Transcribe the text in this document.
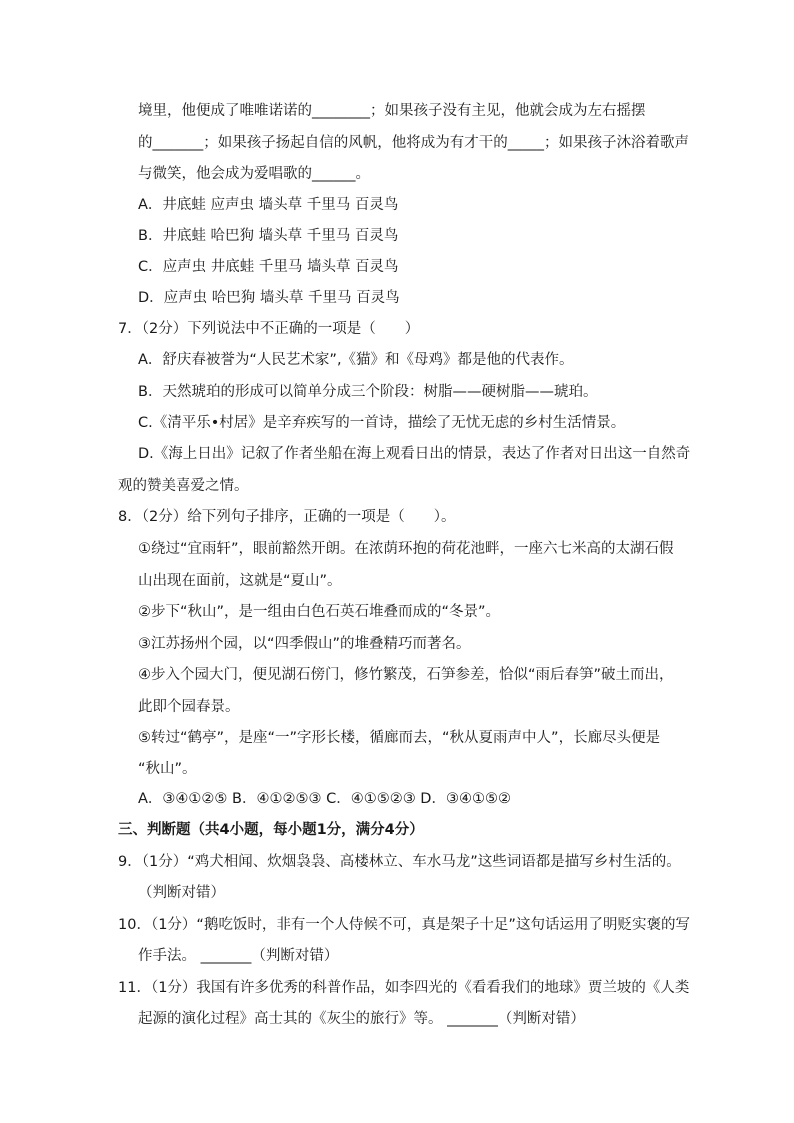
境里，他便成了唯唯诺诺的________；如果孩子没有主见，他就会成为左右摇摆
的_______；如果孩子扬起自信的风帆，他将成为有才干的_____；如果孩子沐浴着歌声
与微笑，他会成为爱唱歌的______。
A．井底蛙 应声虫 墙头草 千里马 百灵鸟
B．井底蛙 哈巴狗 墙头草 千里马 百灵鸟
C．应声虫 井底蛙 千里马 墙头草 百灵鸟
D．应声虫 哈巴狗 墙头草 千里马 百灵鸟
7．（2分）下列说法中不正确的一项是（　　）
A．舒庆春被誉为“人民艺术家”,《猫》和《母鸡》都是他的代表作。
B．天然琥珀的形成可以简单分成三个阶段：树脂——硬树脂——琥珀。
C.《清平乐•村居》是辛弃疾写的一首诗，描绘了无忧无虑的乡村生活情景。
D.《海上日出》记叙了作者坐船在海上观看日出的情景，表达了作者对日出这一自然奇
观的赞美喜爱之情。
8．（2分）给下列句子排序，正确的一项是（　　）。
①绕过“宜雨轩”，眼前豁然开朗。在浓荫环抱的荷花池畔，一座六七米高的太湖石假
山出现在面前，这就是“夏山”。
②步下“秋山”，是一组由白色石英石堆叠而成的“冬景”。
③江苏扬州个园，以“四季假山”的堆叠精巧而著名。
④步入个园大门，便见湖石傍门，修竹繁茂，石笋参差，恰似“雨后春笋”破土而出，
此即个园春景。
⑤转过“鹤亭”，是座“一”字形长楼，循廊而去，“秋从夏雨声中人”，长廊尽头便是
“秋山”。
A．③④①②⑤ B．④①②⑤③ C．④①⑤②③ D．③④①⑤②
三、判断题（共4小题，每小题1分，满分4分）
9．（1分）“鸡犬相闻、炊烟袅袅、高楼林立、车水马龙”这些词语都是描写乡村生活的。
（判断对错）
10．（1分）“鹅吃饭时，非有一个人侍候不可，真是架子十足”这句话运用了明贬实褒的写
作手法。 _______（判断对错）
11．（1分）我国有许多优秀的科普作品，如李四光的《看看我们的地球》贾兰坡的《人类
起源的演化过程》高士其的《灰尘的旅行》等。 _______（判断对错）
